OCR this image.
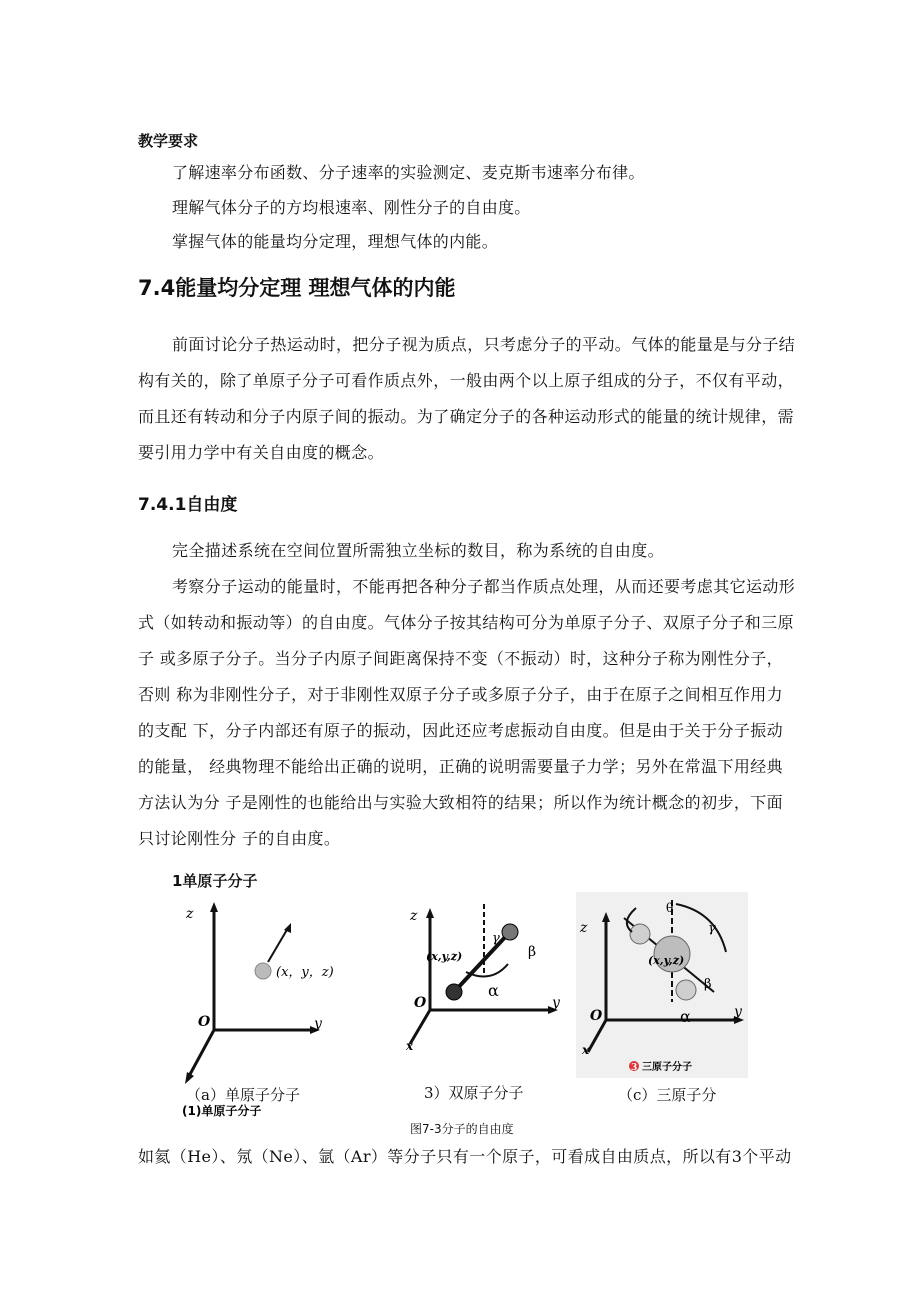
教学要求
了解速率分布函数、分子速率的实验测定、麦克斯韦速率分布律。
理解气体分子的方均根速率、刚性分子的自由度。
掌握气体的能量均分定理，理想气体的内能。
7.4能量均分定理 理想气体的内能
前面讨论分子热运动时，把分子视为质点，只考虑分子的平动。气体的能量是与分子结
构有关的，除了单原子分子可看作质点外，一般由两个以上原子组成的分子，不仅有平动，
而且还有转动和分子内原子间的振动。为了确定分子的各种运动形式的能量的统计规律，需
要引用力学中有关自由度的概念。
7.4.1自由度
完全描述系统在空间位置所需独立坐标的数目，称为系统的自由度。
考察分子运动的能量时，不能再把各种分子都当作质点处理，从而还要考虑其它运动形
式（如转动和振动等）的自由度。气体分子按其结构可分为单原子分子、双原子分子和三原
子 或多原子分子。当分子内原子间距离保持不变（不振动）时，这种分子称为刚性分子，
否则 称为非刚性分子，对于非刚性双原子分子或多原子分子，由于在原子之间相互作用力
的支配 下，分子内部还有原子的振动，因此还应考虑振动自由度。但是由于关于分子振动
的能量， 经典物理不能给出正确的说明，正确的说明需要量子力学；另外在常温下用经典
方法认为分 子是刚性的也能给出与实验大致相符的结果；所以作为统计概念的初步，下面
只讨论刚性分 子的自由度。
1单原子分子
z
y
O
(x，y，z)
z
y
O
x
(x,y,z)
γ
β
α
z
y
O
x
(x,y,z)
θ
γ
β
α
3 三原子分子
（a）单原子分子
(1)单原子分子
3）双原子分子	（c）三原子分
图7-3分子的自由度
如氦（He）、氖（Ne）、氩（Ar）等分子只有一个原子，可看成自由质点，所以有3个平动
